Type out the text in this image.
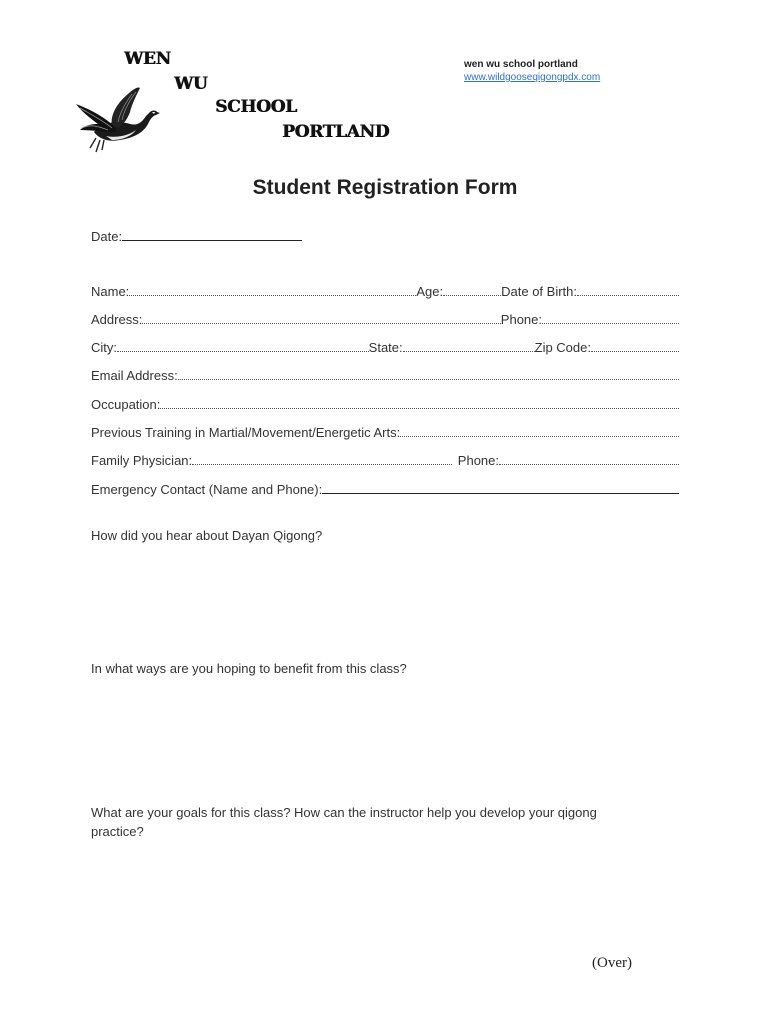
WEN
WU
SCHOOL
PORTLAND
wen wu school portland
www.wildgooseqigongpdx.com
Student Registration Form
Date:
Name:	Age:	Date of Birth:
Address:	Phone:
City:	State:	Zip Code:
Email Address:
Occupation:
Previous Training in Martial/Movement/Energetic Arts:
Family Physician:	Phone:
Emergency Contact (Name and Phone):
How did you hear about Dayan Qigong?
In what ways are you hoping to benefit from this class?
What are your goals for this class? How can the instructor help you develop your qigong practice?
(Over)
